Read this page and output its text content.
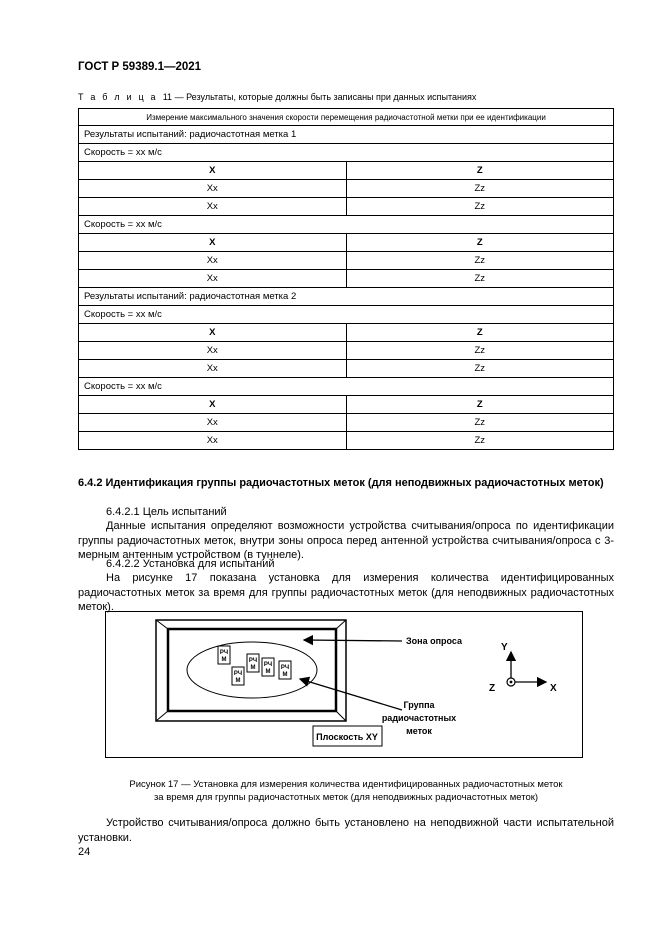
ГОСТ Р 59389.1—2021
Т а б л и ц а 11 — Результаты, которые должны быть записаны при данных испытаниях
Измерение максимального значения скорости перемещения радиочастотной метки при ее идентификации	
Результаты испытаний: радиочастотная метка 1	
Скорость = хх м/с	
X	Z
Xx	Zz
Xx	Zz
Скорость = хх м/с	
X	Z
Xx	Zz
Xx	Zz
Результаты испытаний: радиочастотная метка 2	
Скорость = хх м/с	
X	Z
Xx	Zz
Xx	Zz
Скорость = хх м/с	
X	Z
Xx	Zz
Xx	Zz
6.4.2 Идентификация группы радиочастотных меток (для неподвижных радиочастотных меток)
6.4.2.1 Цель испытаний
Данные испытания определяют возможности устройства считывания/опроса по идентификации группы радиочастотных меток, внутри зоны опроса перед антенной устройства считывания/опроса с 3-мерным антенным устройством (в туннеле).
6.4.2.2 Установка для испытаний
На рисунке 17 показана установка для измерения количества идентифицированных радиочастотных меток за время для группы радиочастотных меток (для неподвижных радиочастотных меток).
РЧ
М
РЧ
М
РЧ
М РЧ
М
РЧ
М
Зона опроса
Группа
радиочастотных
меток
Плоскость XY
Y
X
Z
Рисунок 17 — Установка для измерения количества идентифицированных радиочастотных меток
за время для группы радиочастотных меток (для неподвижных радиочастотных меток)
Устройство считывания/опроса должно быть установлено на неподвижной части испытательной установки.
24
